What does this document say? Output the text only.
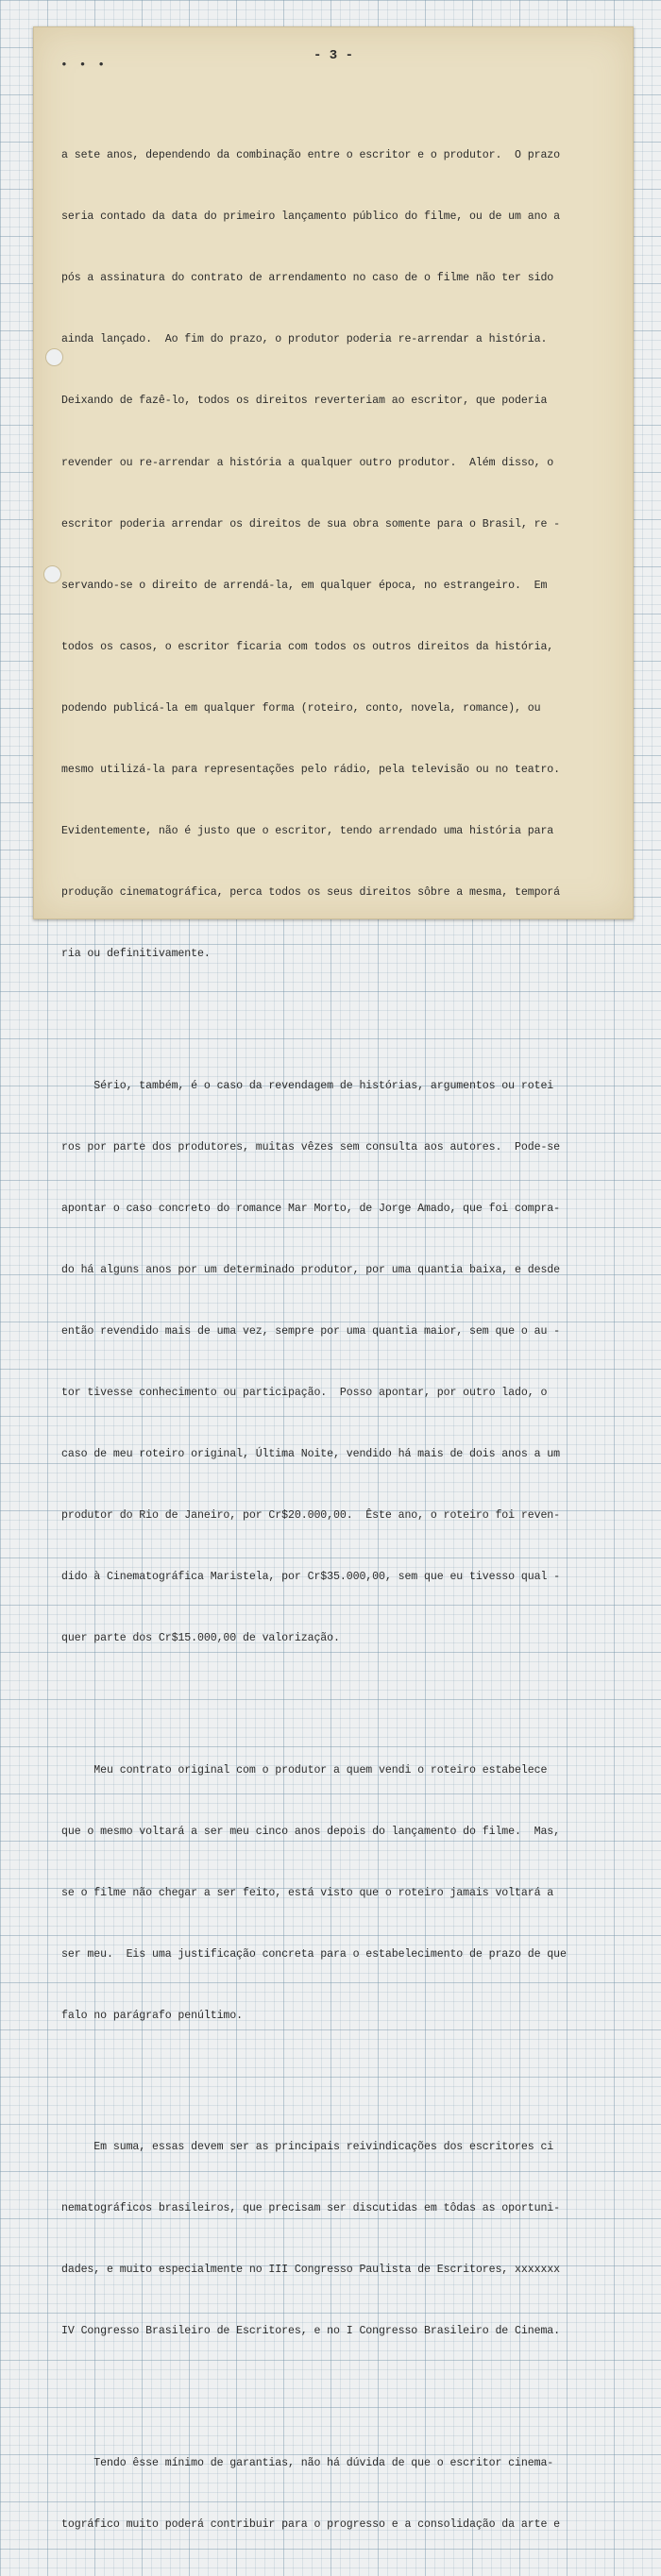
• • •
- 3 -

a sete anos, dependendo da combinação entre o escritor e o produtor.  O prazo

seria contado da data do primeiro lançamento público do filme, ou de um ano a

pós a assinatura do contrato de arrendamento no caso de o filme não ter sido

ainda lançado.  Ao fim do prazo, o produtor poderia re-arrendar a história.

Deixando de fazê-lo, todos os direitos reverteriam ao escritor, que poderia

revender ou re-arrendar a história a qualquer outro produtor.  Além disso, o

escritor poderia arrendar os direitos de sua obra somente para o Brasil, re -

servando-se o direito de arrendá-la, em qualquer época, no estrangeiro.  Em

todos os casos, o escritor ficaria com todos os outros direitos da história,

podendo publicá-la em qualquer forma (roteiro, conto, novela, romance), ou

mesmo utilizá-la para representações pelo rádio, pela televisão ou no teatro.

Evidentemente, não é justo que o escritor, tendo arrendado uma história para

produção cinematográfica, perca todos os seus direitos sôbre a mesma, temporá

ria ou definitivamente.

Sério, também, é o caso da revendagem de histórias, argumentos ou rotei

ros por parte dos produtores, muitas vêzes sem consulta aos autores.  Pode-se

apontar o caso concreto do romance Mar Morto, de Jorge Amado, que foi compra-

do há alguns anos por um determinado produtor, por uma quantia baixa, e desde

então revendido mais de uma vez, sempre por uma quantia maior, sem que o au -

tor tivesse conhecimento ou participação.  Posso apontar, por outro lado, o

caso de meu roteiro original, Última Noite, vendido há mais de dois anos a um

produtor do Rio de Janeiro, por Cr$20.000,00.  Êste ano, o roteiro foi reven-

dido à Cinematográfica Maristela, por Cr$35.000,00, sem que eu tivesso qual -

quer parte dos Cr$15.000,00 de valorização.

Meu contrato original com o produtor a quem vendi o roteiro estabelece

que o mesmo voltará a ser meu cinco anos depois do lançamento do filme.  Mas,

se o filme não chegar a ser feito, está visto que o roteiro jamais voltará a

ser meu.  Eis uma justificação concreta para o estabelecimento de prazo de que

falo no parágrafo penúltimo.

Em suma, essas devem ser as principais reivindicações dos escritores ci

nematográficos brasileiros, que precisam ser discutidas em tôdas as oportuni-

dades, e muito especialmente no III Congresso Paulista de Escritores, xxxxxxx

IV Congresso Brasileiro de Escritores, e no I Congresso Brasileiro de Cinema.

Tendo êsse mínimo de garantias, não há dúvida de que o escritor cinema-

tográfico muito poderá contribuir para o progresso e a consolidação da arte e
